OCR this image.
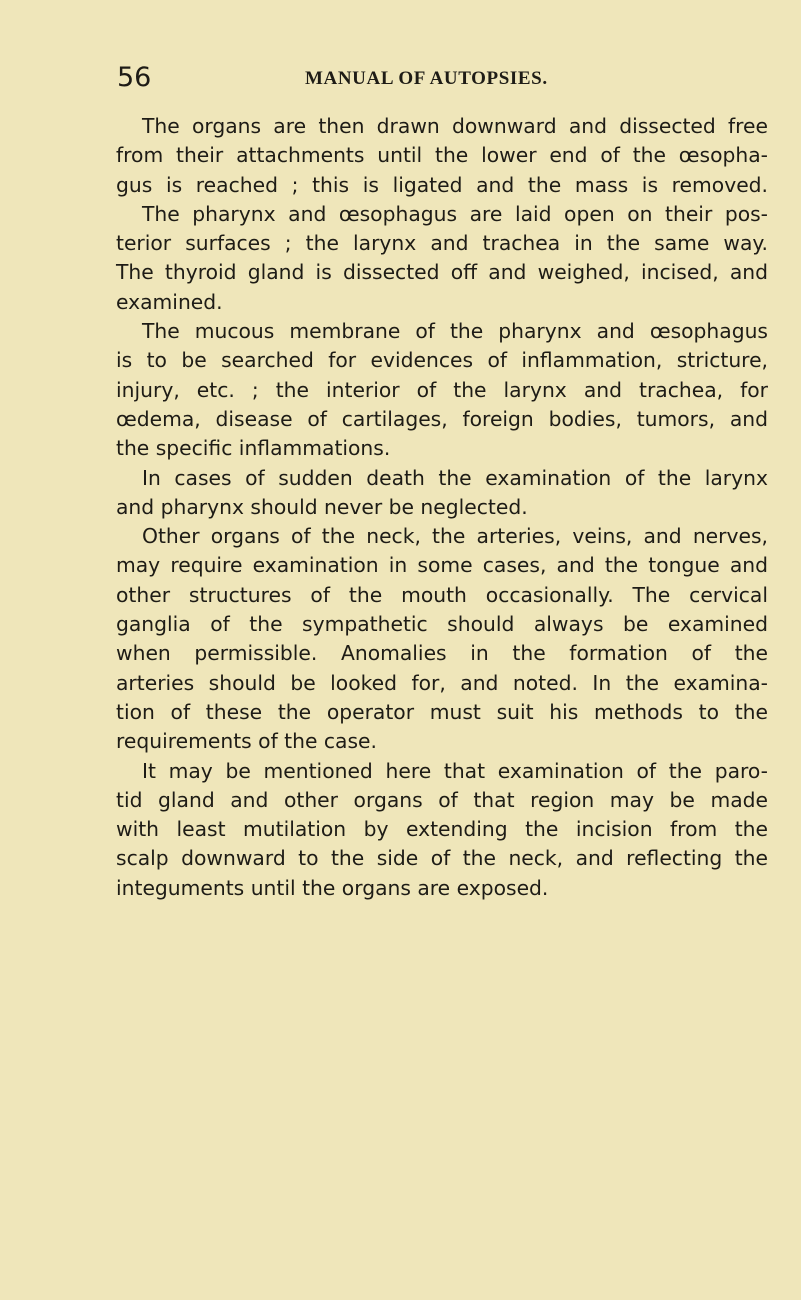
56	MANUAL OF AUTOPSIES.
The organs are then drawn downward and dissected free
from their attachments until the lower end of the œsopha-
gus is reached ; this is ligated and the mass is removed.
The pharynx and œsophagus are laid open on their pos-
terior surfaces ; the larynx and trachea in the same way.
The thyroid gland is dissected off and weighed, incised, and
examined.
The mucous membrane of the pharynx and œsophagus
is to be searched for evidences of inflammation, stricture,
injury, etc. ; the interior of the larynx and trachea, for
œdema, disease of cartilages, foreign bodies, tumors, and
the specific inflammations.
In cases of sudden death the examination of the larynx
and pharynx should never be neglected.
Other organs of the neck, the arteries, veins, and nerves,
may require examination in some cases, and the tongue and
other structures of the mouth occasionally. The cervical
ganglia of the sympathetic should always be examined
when permissible. Anomalies in the formation of the
arteries should be looked for, and noted. In the examina-
tion of these the operator must suit his methods to the
requirements of the case.
It may be mentioned here that examination of the paro-
tid gland and other organs of that region may be made
with least mutilation by extending the incision from the
scalp downward to the side of the neck, and reflecting the
integuments until the organs are exposed.
